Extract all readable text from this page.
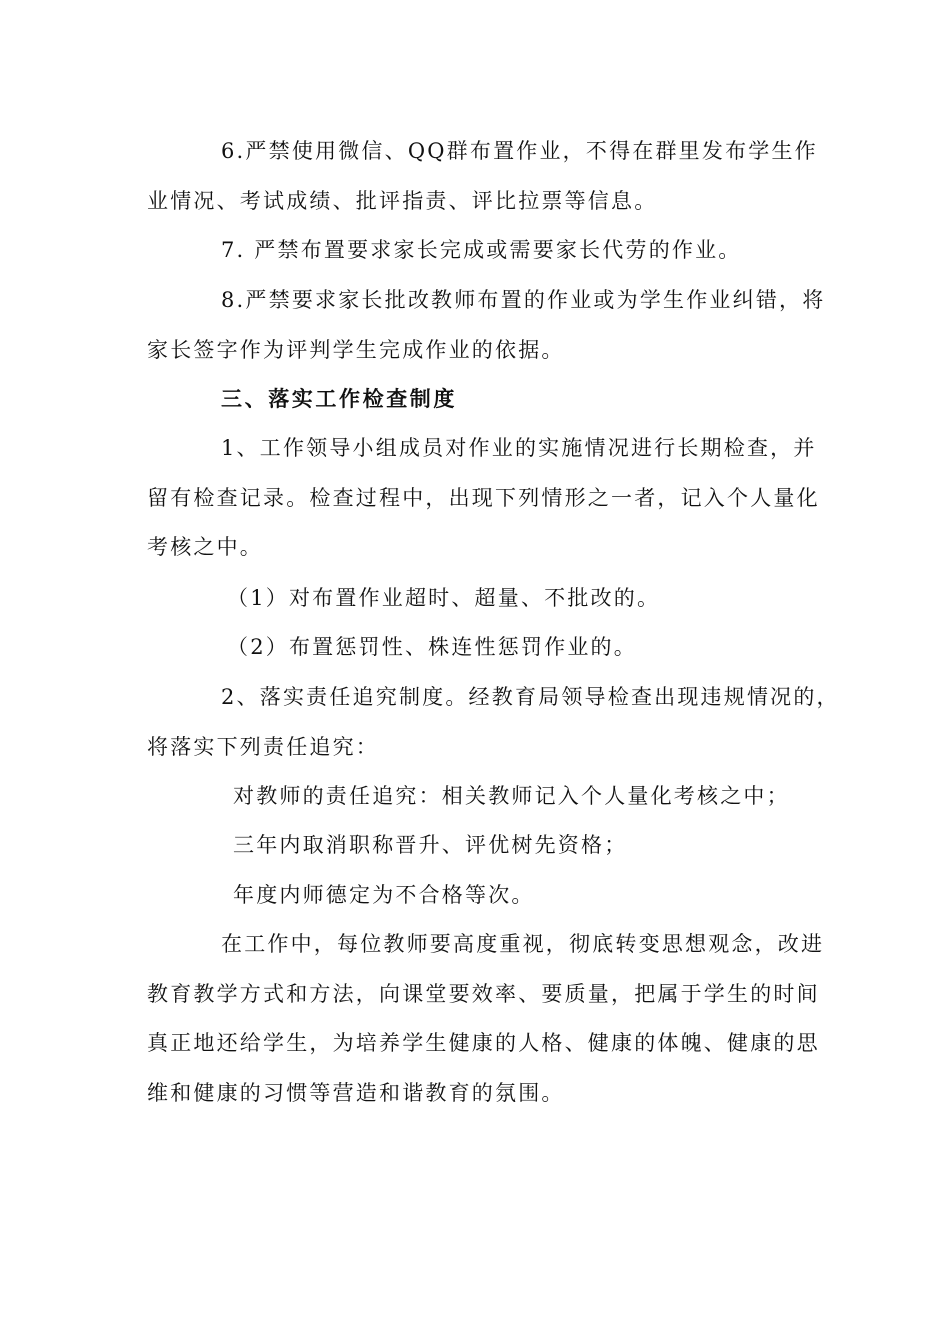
6.严禁使用微信、QQ群布置作业，不得在群里发布学生作
业情况、考试成绩、批评指责、评比拉票等信息。

7. 严禁布置要求家长完成或需要家长代劳的作业。

8.严禁要求家长批改教师布置的作业或为学生作业纠错，将
家长签字作为评判学生完成作业的依据。

三、落实工作检查制度

1、工作领导小组成员对作业的实施情况进行长期检查，并
留有检查记录。检查过程中，出现下列情形之一者，记入个人量化
考核之中。

（1）对布置作业超时、超量、不批改的。

（2）布置惩罚性、株连性惩罚作业的。

2、落实责任追究制度。经教育局领导检查出现违规情况的，
将落实下列责任追究：

对教师的责任追究：相关教师记入个人量化考核之中；

三年内取消职称晋升、评优树先资格；

年度内师德定为不合格等次。

在工作中，每位教师要高度重视，彻底转变思想观念，改进
教育教学方式和方法，向课堂要效率、要质量，把属于学生的时间
真正地还给学生，为培养学生健康的人格、健康的体魄、健康的思
维和健康的习惯等营造和谐教育的氛围。
